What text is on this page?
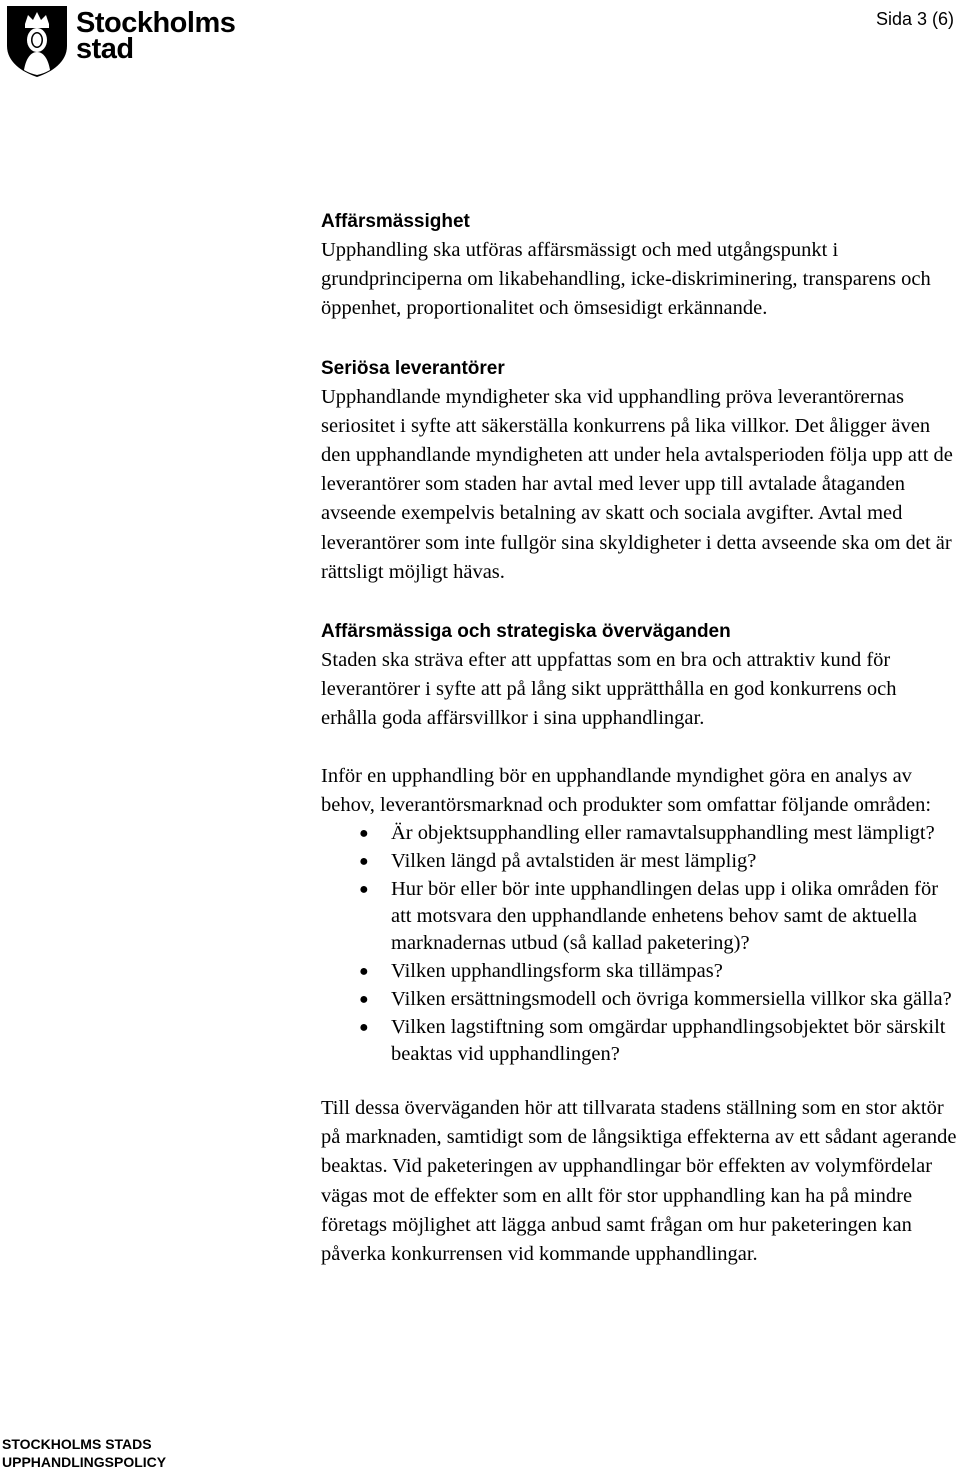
Stockholms
stad
Sida 3 (6)
Affärsmässighet

Upphandling ska utföras affärsmässigt och med utgångspunkt i grundprinciperna om likabehandling, icke-diskriminering, transparens och öppenhet, proportionalitet och ömsesidigt erkännande.

Seriösa leverantörer

Upphandlande myndigheter ska vid upphandling pröva leverantörernas seriositet i syfte att säkerställa konkurrens på lika villkor. Det åligger även den upphandlande myndigheten att under hela avtalsperioden följa upp att de leverantörer som staden har avtal med lever upp till avtalade åtaganden avseende exempelvis betalning av skatt och sociala avgifter. Avtal med leverantörer som inte fullgör sina skyldigheter i detta avseende ska om det är rättsligt möjligt hävas.

Affärsmässiga och strategiska överväganden

Staden ska sträva efter att uppfattas som en bra och attraktiv kund för leverantörer i syfte att på lång sikt upprätthålla en god konkurrens och erhålla goda affärsvillkor i sina upphandlingar.

Inför en upphandling bör en upphandlande myndighet göra en analys av behov, leverantörsmarknad och produkter som omfattar följande områden:

● Är objektsupphandling eller ramavtalsupphandling mest lämpligt?
● Vilken längd på avtalstiden är mest lämplig?
● Hur bör eller bör inte upphandlingen delas upp i olika områden för att motsvara den upphandlande enhetens behov samt de aktuella marknadernas utbud (så kallad paketering)?
● Vilken upphandlingsform ska tillämpas?
● Vilken ersättningsmodell och övriga kommersiella villkor ska gälla?
● Vilken lagstiftning som omgärdar upphandlingsobjektet bör särskilt beaktas vid upphandlingen?

Till dessa överväganden hör att tillvarata stadens ställning som en stor aktör på marknaden, samtidigt som de långsiktiga effekterna av ett sådant agerande beaktas. Vid paketeringen av upphandlingar bör effekten av volymfördelar vägas mot de effekter som en allt för stor upphandling kan ha på mindre företags möjlighet att lägga anbud samt frågan om hur paketeringen kan påverka konkurrensen vid kommande upphandlingar.

STOCKHOLMS STADS
UPPHANDLINGSPOLICY
